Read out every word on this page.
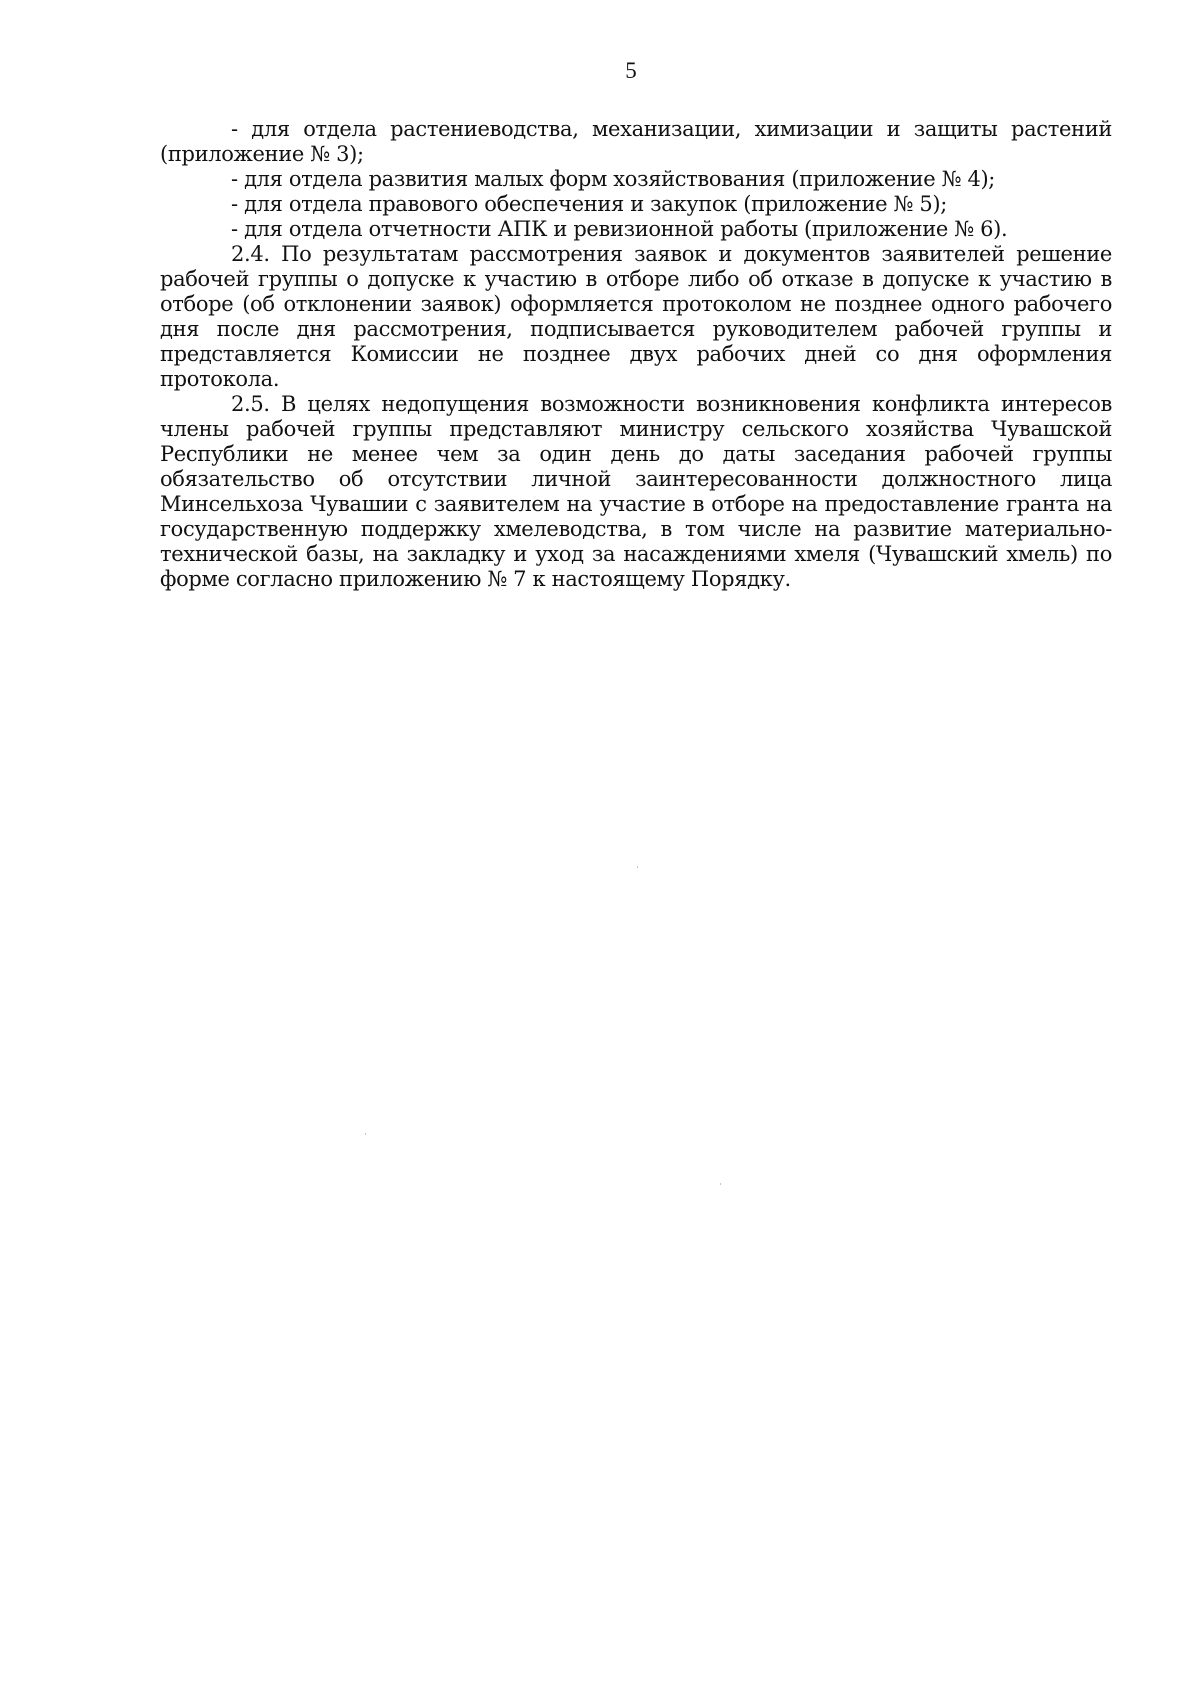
5

- для отдела растениеводства, механизации, химизации и защиты растений (приложение № 3);

- для отдела развития малых форм хозяйствования (приложение № 4);

- для отдела правового обеспечения и закупок (приложение № 5);

- для отдела отчетности АПК и ревизионной работы (приложение № 6).

2.4. По результатам рассмотрения заявок и документов заявителей решение рабочей группы о допуске к участию в отборе либо об отказе в допуске к участию в отборе (об отклонении заявок) оформляется протоколом не позднее одного рабочего дня после дня рассмотрения, подписывается руководителем рабочей группы и представляется Комиссии не позднее двух рабочих дней со дня оформления протокола.

2.5. В целях недопущения возможности возникновения конфликта интересов члены рабочей группы представляют министру сельского хозяйства Чувашской Республики не менее чем за один день до даты заседания рабочей группы обязательство об отсутствии личной заинтересованности должностного лица Минсельхоза Чувашии с заявителем на участие в отборе на предоставление гранта на государственную поддержку хмелеводства, в том числе на развитие материально-технической базы, на закладку и уход за насаждениями хмеля (Чувашский хмель) по форме согласно приложению № 7 к настоящему Порядку.
